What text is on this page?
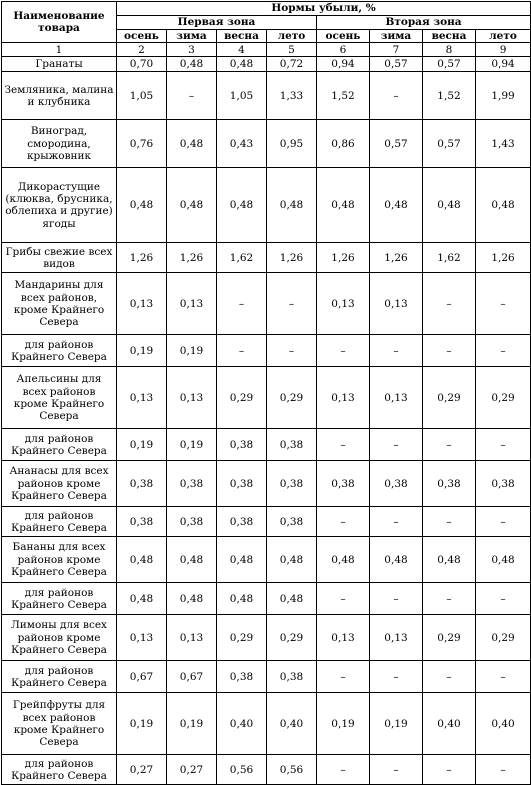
Наименование товара	Нормы убыли, %							
	Первая зона				Вторая зона			
	осень	зима	весна	лето	осень	зима	весна	лето
1	2	3	4	5	6	7	8	9
Гранаты	0,70	0,48	0,48	0,72	0,94	0,57	0,57	0,94
Земляника, малина и клубника	1,05	–	1,05	1,33	1,52	–	1,52	1,99
Виноград, смородина, крыжовник	0,76	0,48	0,43	0,95	0,86	0,57	0,57	1,43
Дикорастущие (клюква, брусника, облепиха и другие) ягоды	0,48	0,48	0,48	0,48	0,48	0,48	0,48	0,48
Грибы свежие всех видов	1,26	1,26	1,62	1,26	1,26	1,26	1,62	1,26
Мандарины для всех районов, кроме Крайнего Севера	0,13	0,13	–	–	0,13	0,13	–	–
для районов Крайнего Севера	0,19	0,19	–	–	–	–	–	–
Апельсины для всех районов кроме Крайнего Севера	0,13	0,13	0,29	0,29	0,13	0,13	0,29	0,29
для районов Крайнего Севера	0,19	0,19	0,38	0,38	–	–	–	–
Ананасы для всех районов кроме Крайнего Севера	0,38	0,38	0,38	0,38	0,38	0,38	0,38	0,38
для районов Крайнего Севера	0,38	0,38	0,38	0,38	–	–	–	–
Бананы для всех районов кроме Крайнего Севера	0,48	0,48	0,48	0,48	0,48	0,48	0,48	0,48
для районов Крайнего Севера	0,48	0,48	0,48	0,48	–	–	–	–
Лимоны для всех районов кроме Крайнего Севера	0,13	0,13	0,29	0,29	0,13	0,13	0,29	0,29
для районов Крайнего Севера	0,67	0,67	0,38	0,38	–	–	–	–
Грейпфруты для всех районов кроме Крайнего Севера	0,19	0,19	0,40	0,40	0,19	0,19	0,40	0,40
для районов Крайнего Севера	0,27	0,27	0,56	0,56	–	–	–	–
